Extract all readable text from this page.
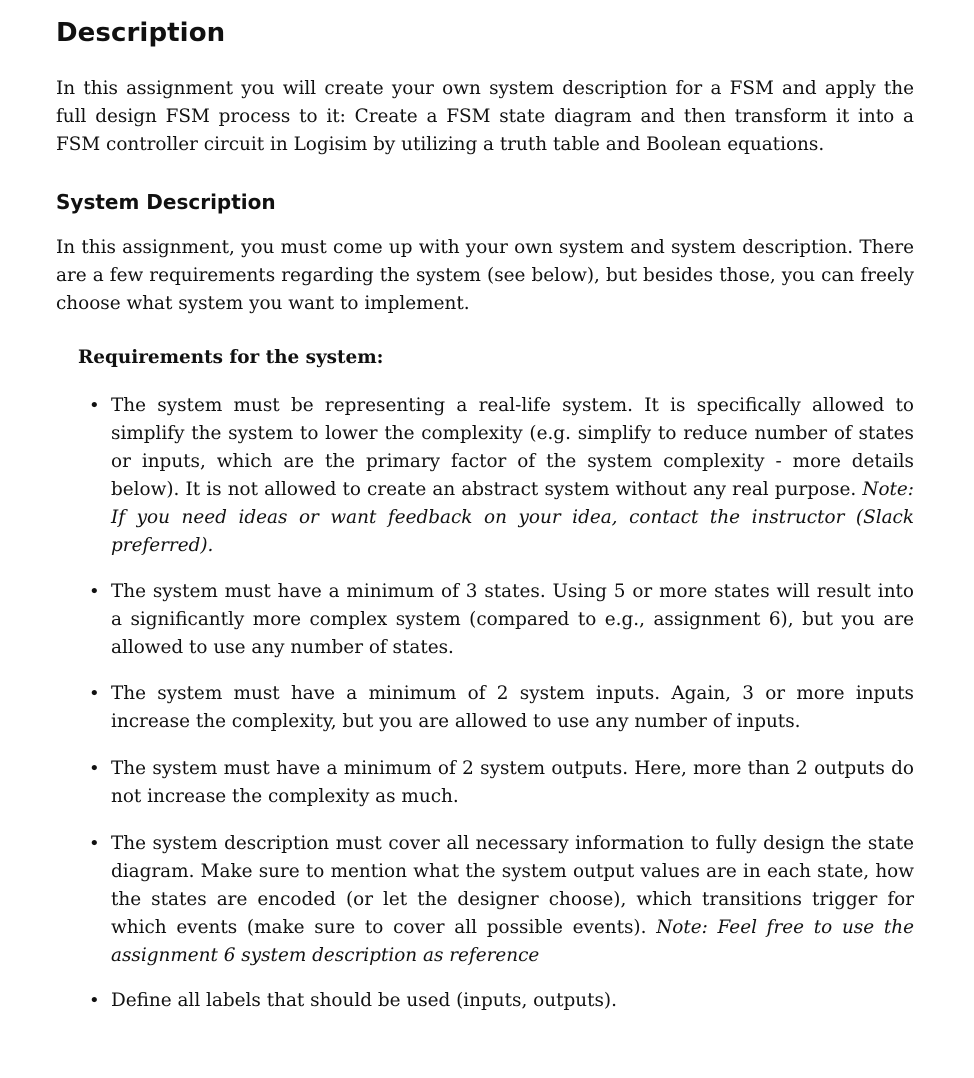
Description

In this assignment you will create your own system description for a FSM and apply the full design FSM process to it: Create a FSM state diagram and then transform it into a FSM controller circuit in Logisim by utilizing a truth table and Boolean equations.

System Description

In this assignment, you must come up with your own system and system description. There are a few requirements regarding the system (see below), but besides those, you can freely choose what system you want to implement.

Requirements for the system:

• The system must be representing a real-life system. It is specifically allowed to simplify the system to lower the complexity (e.g. simplify to reduce number of states or inputs, which are the primary factor of the system complexity - more details below). It is not allowed to create an abstract system without any real purpose. Note: If you need ideas or want feedback on your idea, contact the instructor (Slack preferred).
• The system must have a minimum of 3 states. Using 5 or more states will result into a significantly more complex system (compared to e.g., assignment 6), but you are allowed to use any number of states.
• The system must have a minimum of 2 system inputs. Again, 3 or more inputs increase the complexity, but you are allowed to use any number of inputs.
• The system must have a minimum of 2 system outputs. Here, more than 2 outputs do not increase the complexity as much.
• The system description must cover all necessary information to fully design the state diagram. Make sure to mention what the system output values are in each state, how the states are encoded (or let the designer choose), which transitions trigger for which events (make sure to cover all possible events). Note: Feel free to use the assignment 6 system description as reference
• Define all labels that should be used (inputs, outputs).
